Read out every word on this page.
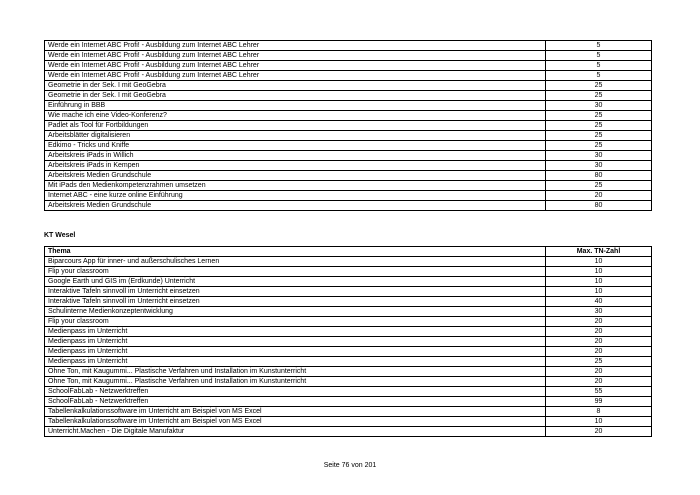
Werde ein Internet ABC Profi! - Ausbildung zum Internet ABC Lehrer	5
Werde ein Internet ABC Profi! - Ausbildung zum Internet ABC Lehrer	5
Werde ein Internet ABC Profi! - Ausbildung zum Internet ABC Lehrer	5
Werde ein Internet ABC Profi! - Ausbildung zum Internet ABC Lehrer	5
Geometrie in der Sek. I mit GeoGebra	25
Geometrie in der Sek. I mit GeoGebra	25
Einführung in BBB	30
Wie mache ich eine Video-Konferenz?	25
Padlet als Tool für Fortbildungen	25
Arbeitsblätter digitalisieren	25
Edkimo - Tricks und Kniffe	25
Arbeitskreis iPads in Willich	30
Arbeitskreis iPads in Kempen	30
Arbeitskreis Medien Grundschule	80
Mit iPads den Medienkompetenzrahmen umsetzen	25
Internet ABC - eine kurze online Einführung	20
Arbeitskreis Medien Grundschule	80
KT Wesel
Thema	Max. TN-Zahl
Biparcours App für inner- und außerschulisches Lernen	10
Flip your classroom	10
Google Earth und GIS im (Erdkunde) Unterricht	10
Interaktive Tafeln sinnvoll im Unterricht einsetzen	10
Interaktive Tafeln sinnvoll im Unterricht einsetzen	40
Schulinterne Medienkonzeptentwicklung	30
Flip your classroom	20
Medienpass im Unterricht	20
Medienpass im Unterricht	20
Medienpass im Unterricht	20
Medienpass im Unterricht	25
Ohne Ton, mit Kaugummi... Plastische Verfahren und Installation im Kunstunterricht	20
Ohne Ton, mit Kaugummi... Plastische Verfahren und Installation im Kunstunterricht	20
SchoolFabLab - Netzwerktreffen	55
SchoolFabLab - Netzwerktreffen	99
Tabellenkalkulationssoftware im Unterricht am Beispiel von MS Excel	8
Tabellenkalkulationssoftware im Unterricht am Beispiel von MS Excel	10
Unterricht.Machen - Die Digitale Manufaktur	20
Seite 76 von 201
